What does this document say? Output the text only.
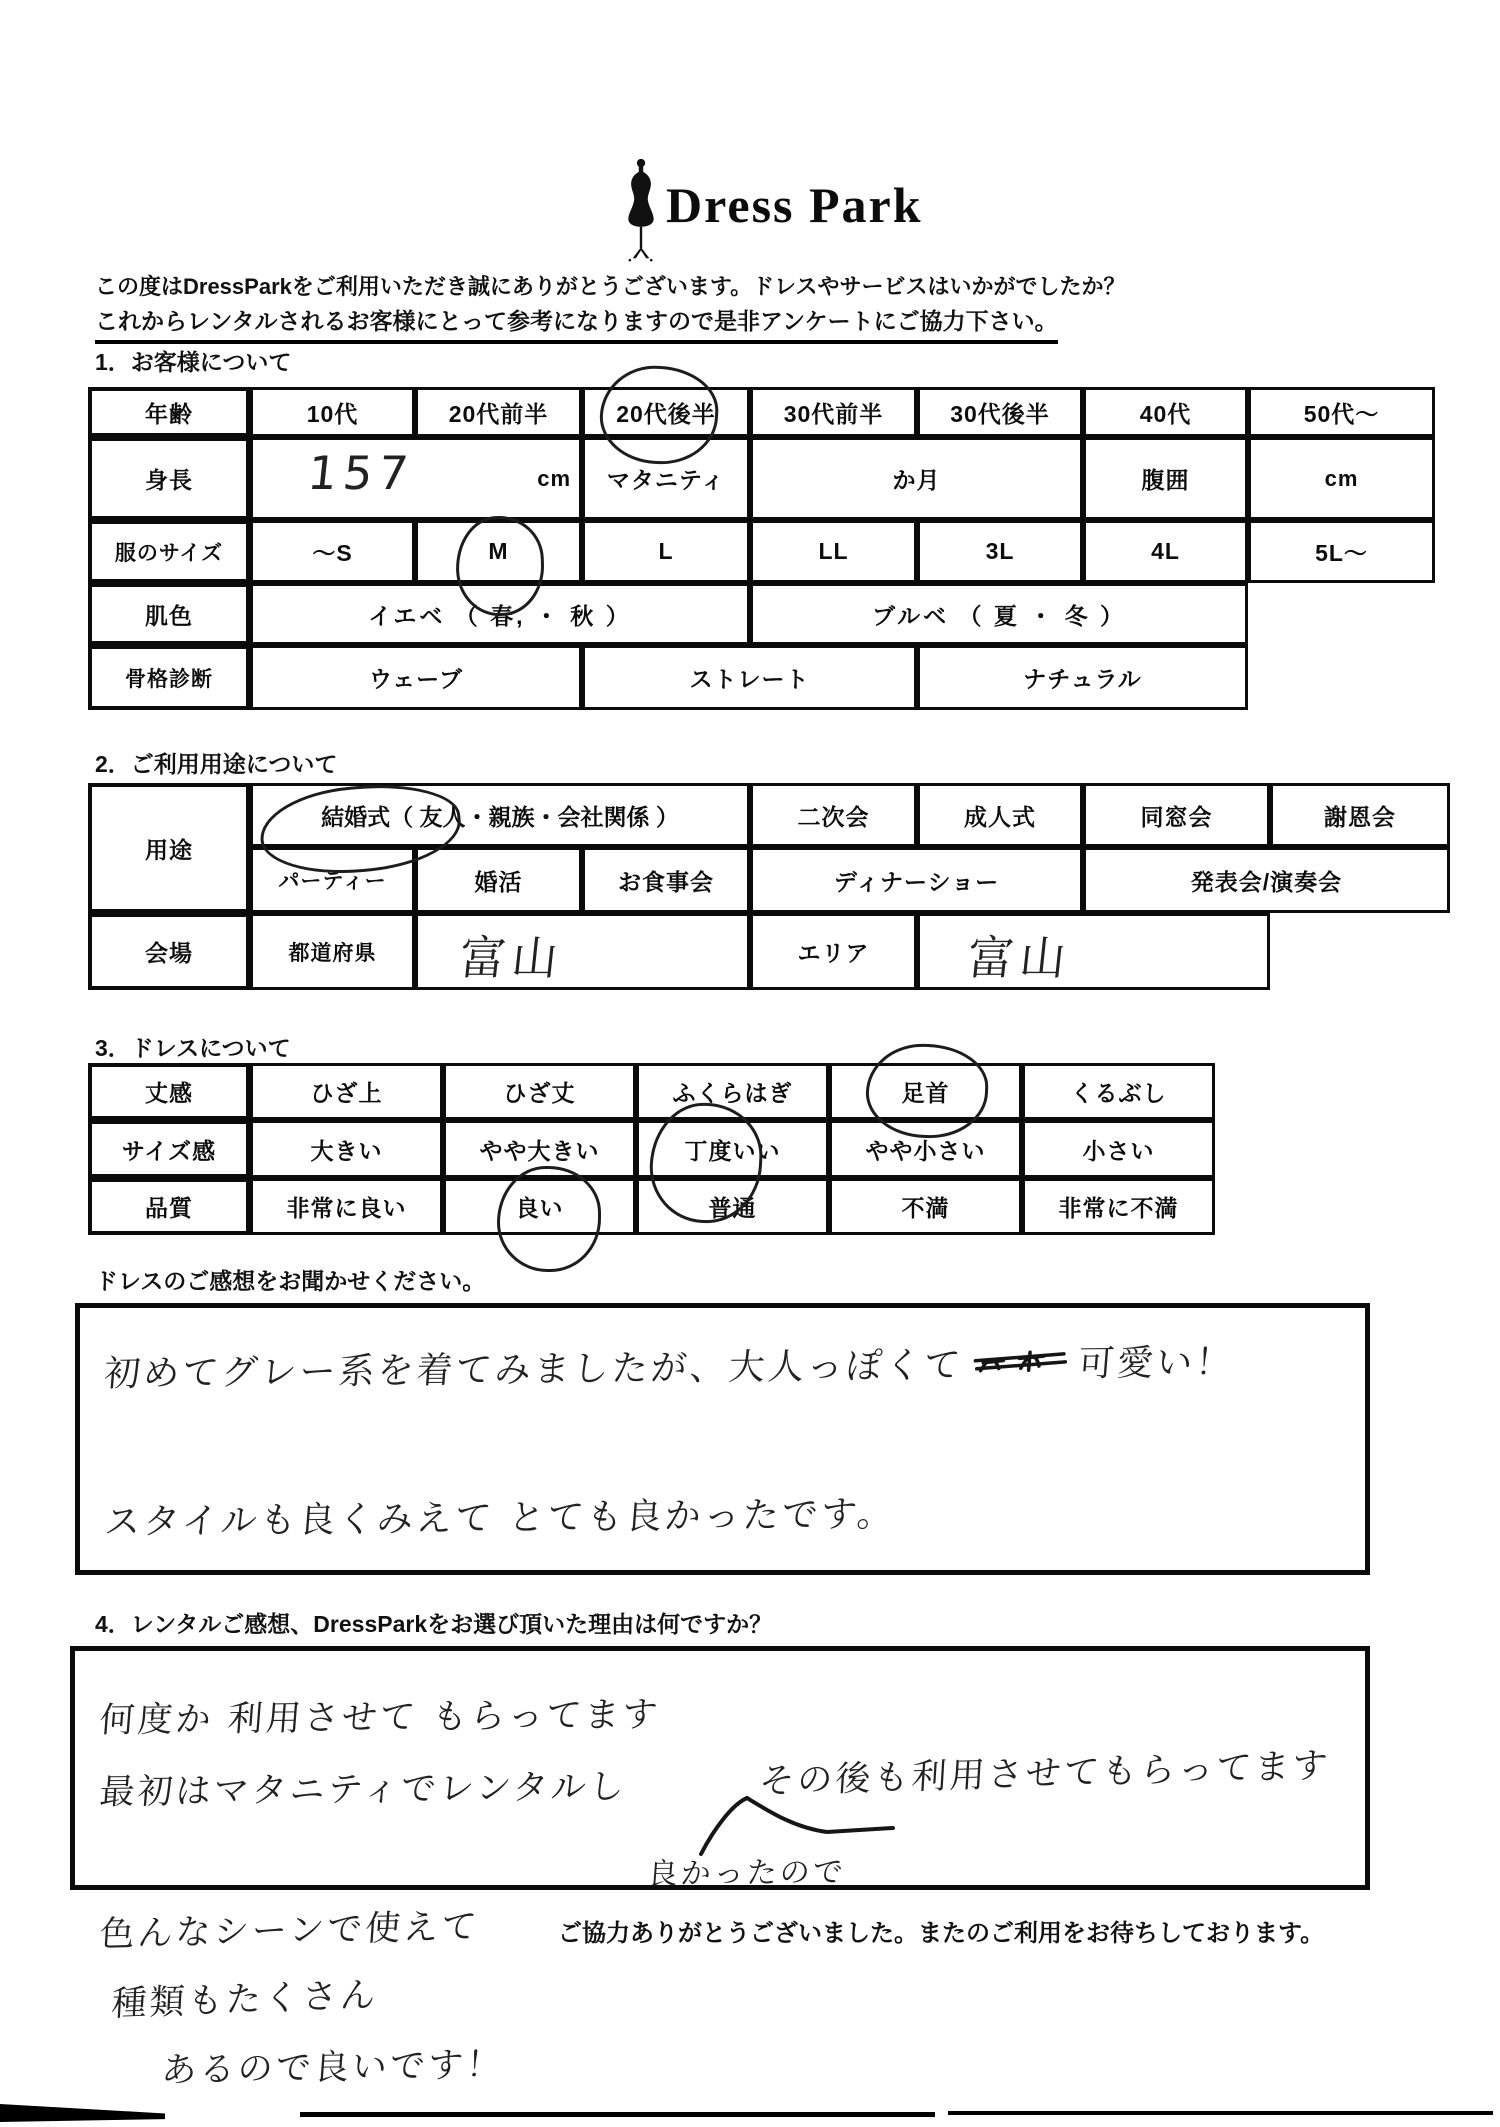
Dress Park
この度はDressParkをご利用いただき誠にありがとうございます。ドレスやサービスはいかがでしたか？
これからレンタルされるお客様にとって参考になりますので是非アンケートにご協力下さい。
1．お客様について
年齢	10代	20代前半	20代後半	30代前半	30代後半	40代	50代～
身長	157	cm	マタニティ	か月	腹囲	cm
服のサイズ	～S	M	L	LL	3L	4L	5L～
肌色	イエベ （ 春, ・ 秋 ）	ブルベ （ 夏 ・ 冬 ）
骨格診断	ウェーブ	ストレート	ナチュラル
2．ご利用用途について
用途
結婚式（ 友人・親族・会社関係 ）	二次会	成人式	同窓会	謝恩会
パーティー	婚活	お食事会	ディナーショー	発表会/演奏会
会場	都道府県	富山	エリア	富山
3．ドレスについて
丈感	ひざ上	ひざ丈	ふくらはぎ	足首	くるぶし
サイズ感	大きい	やや大きい	丁度いい	やや小さい	小さい
品質	非常に良い	良い	普通	不満	非常に不満
ドレスのご感想をお聞かせください。
初めてグレー系を着てみましたが、大人っぽくて	可愛い！
スタイルも良くみえて とても良かったです。
4．レンタルご感想、DressParkをお選び頂いた理由は何ですか？
何度か 利用させて もらってます
最初はマタニティでレンタルし	その後も利用させてもらってます
良かったので
色んなシーンで使えて	ご協力ありがとうございました。またのご利用をお待ちしております。
種類もたくさん
あるので良いです！
